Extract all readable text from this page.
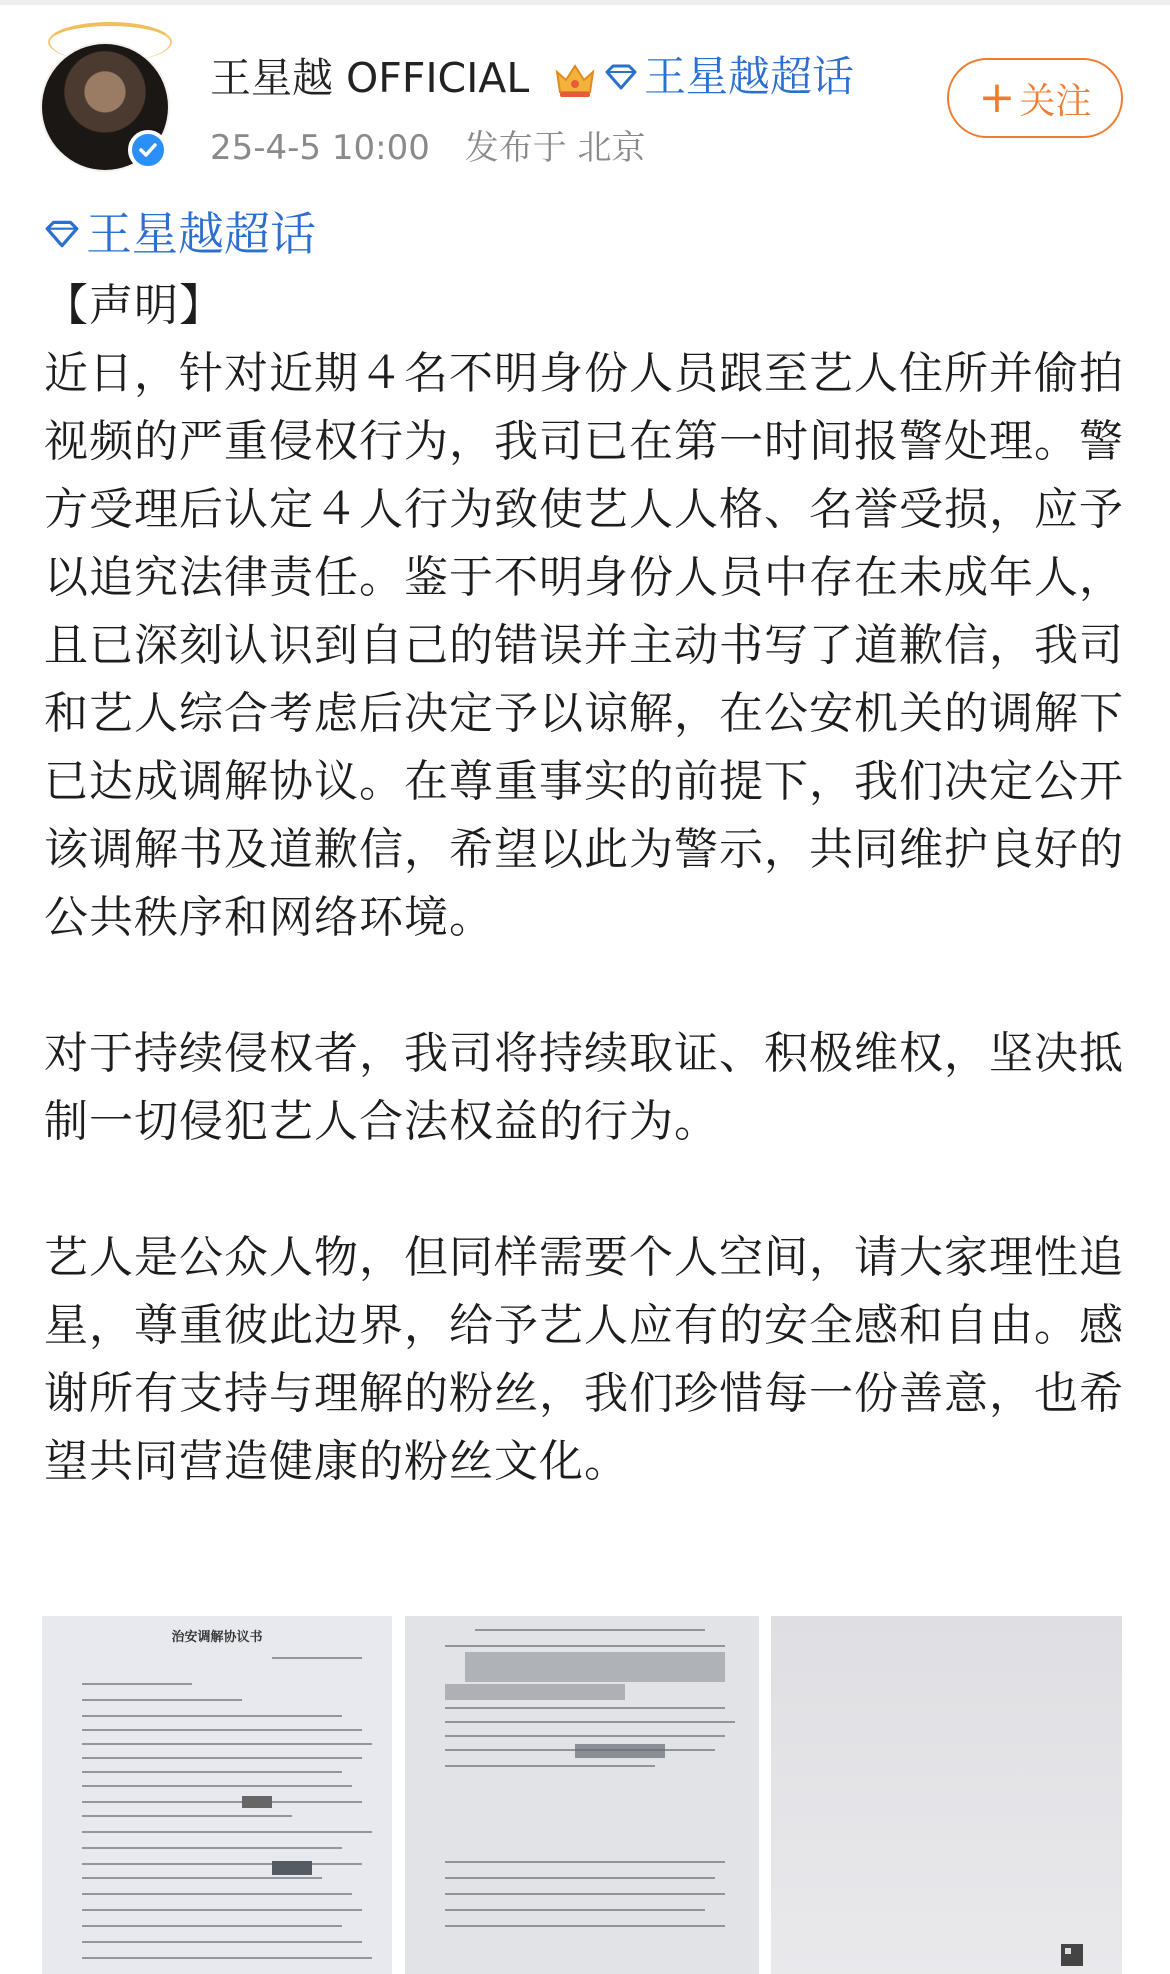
王星越 OFFICIAL	王星越超话
25-4-5 10:00 发布于 北京
+ 关注
王星越超话

【声明】

近日，针对近期４名不明身份人员跟至艺人住所并偷拍视频的严重侵权行为，我司已在第一时间报警处理。警方受理后认定４人行为致使艺人人格、名誉受损，应予以追究法律责任。鉴于不明身份人员中存在未成年人，且已深刻认识到自己的错误并主动书写了道歉信，我司和艺人综合考虑后决定予以谅解，在公安机关的调解下已达成调解协议。在尊重事实的前提下，我们决定公开该调解书及道歉信，希望以此为警示，共同维护良好的公共秩序和网络环境。

对于持续侵权者，我司将持续取证、积极维权，坚决抵制一切侵犯艺人合法权益的行为。

艺人是公众人物，但同样需要个人空间，请大家理性追星，尊重彼此边界，给予艺人应有的安全感和自由。感谢所有支持与理解的粉丝，我们珍惜每一份善意，也希望共同营造健康的粉丝文化。

治安调解协议书
